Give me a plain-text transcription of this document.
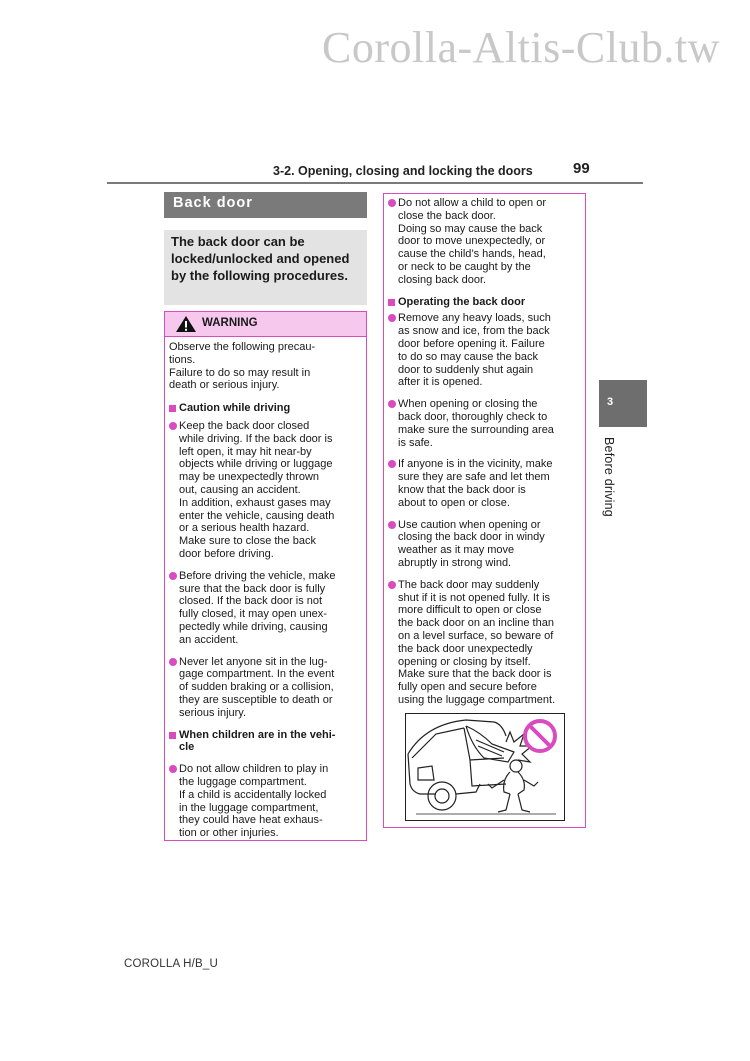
Corolla-Altis-Club.tw
3-2. Opening, closing and locking the doors	99
3
Before driving
Back door
The back door can be locked/unlocked and opened by the following procedures.
WARNING
Observe the following precau-
tions.
Failure to do so may result in
death or serious injury.
Caution while driving
Keep the back door closed
while driving. If the back door is
left open, it may hit near-by
objects while driving or luggage
may be unexpectedly thrown
out, causing an accident.
In addition, exhaust gases may
enter the vehicle, causing death
or a serious health hazard.
Make sure to close the back
door before driving.
Before driving the vehicle, make
sure that the back door is fully
closed. If the back door is not
fully closed, it may open unex-
pectedly while driving, causing
an accident.
Never let anyone sit in the lug-
gage compartment. In the event
of sudden braking or a collision,
they are susceptible to death or
serious injury.
When children are in the vehi-
cle
Do not allow children to play in
the luggage compartment.
If a child is accidentally locked
in the luggage compartment,
they could have heat exhaus-
tion or other injuries.
Do not allow a child to open or
close the back door.
Doing so may cause the back
door to move unexpectedly, or
cause the child’s hands, head,
or neck to be caught by the
closing back door.
Operating the back door
Remove any heavy loads, such
as snow and ice, from the back
door before opening it. Failure
to do so may cause the back
door to suddenly shut again
after it is opened.
When opening or closing the
back door, thoroughly check to
make sure the surrounding area
is safe.
If anyone is in the vicinity, make
sure they are safe and let them
know that the back door is
about to open or close.
Use caution when opening or
closing the back door in windy
weather as it may move
abruptly in strong wind.
The back door may suddenly
shut if it is not opened fully. It is
more difficult to open or close
the back door on an incline than
on a level surface, so beware of
the back door unexpectedly
opening or closing by itself.
Make sure that the back door is
fully open and secure before
using the luggage compartment.
COROLLA H/B_U
